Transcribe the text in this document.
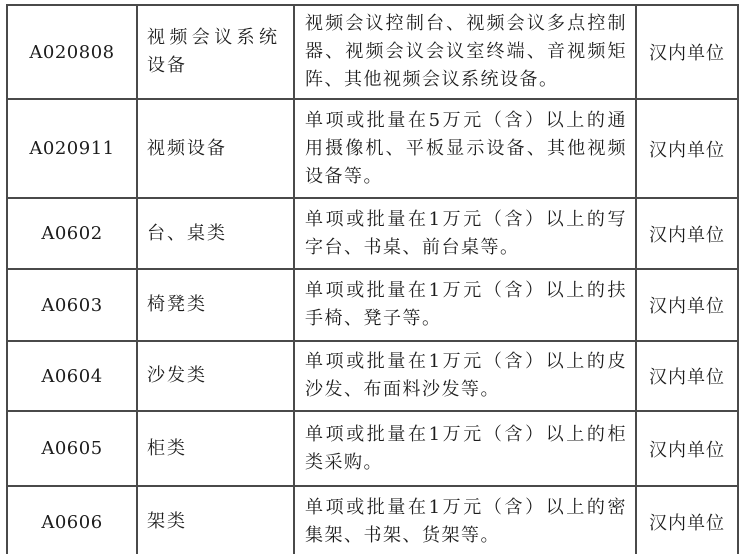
A020808	视频会议系统设备	视频会议控制台、视频会议多点控制器、视频会议会议室终端、音视频矩阵、其他视频会议系统设备。	汉内单位
A020911	视频设备	单项或批量在5万元（含）以上的通用摄像机、平板显示设备、其他视频设备等。	汉内单位
A0602	台、桌类	单项或批量在1万元（含）以上的写字台、书桌、前台桌等。	汉内单位
A0603	椅凳类	单项或批量在1万元（含）以上的扶手椅、凳子等。	汉内单位
A0604	沙发类	单项或批量在1万元（含）以上的皮沙发、布面料沙发等。	汉内单位
A0605	柜类	单项或批量在1万元（含）以上的柜类采购。	汉内单位
A0606	架类	单项或批量在1万元（含）以上的密集架、书架、货架等。	汉内单位
